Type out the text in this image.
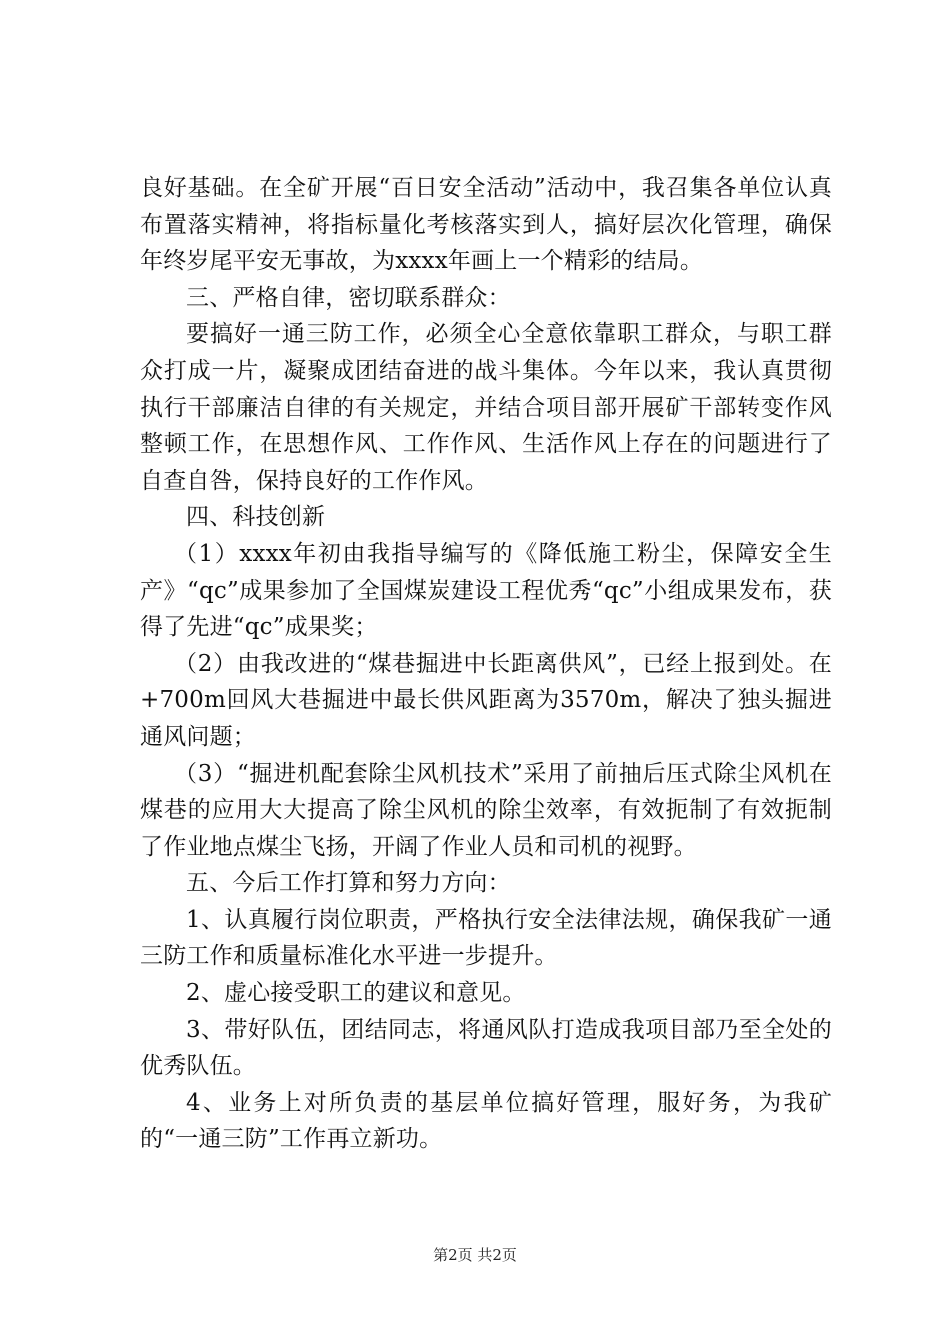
良好基础。在全矿开展“百日安全活动”活动中，我召集各单位认真布置落实精神，将指标量化考核落实到人，搞好层次化管理，确保年终岁尾平安无事故，为xxxx年画上一个精彩的结局。

三、严格自律，密切联系群众：

要搞好一通三防工作，必须全心全意依靠职工群众，与职工群众打成一片，凝聚成团结奋进的战斗集体。今年以来，我认真贯彻执行干部廉洁自律的有关规定，并结合项目部开展矿干部转变作风整顿工作，在思想作风、工作作风、生活作风上存在的问题进行了自查自咎，保持良好的工作作风。

四、科技创新

（1）xxxx年初由我指导编写的《降低施工粉尘，保障安全生产》“qc”成果参加了全国煤炭建设工程优秀“qc”小组成果发布，获得了先进“qc”成果奖；

（2）由我改进的“煤巷掘进中长距离供风”，已经上报到处。在+700m回风大巷掘进中最长供风距离为3570m，解决了独头掘进通风问题；

（3）“掘进机配套除尘风机技术”采用了前抽后压式除尘风机在煤巷的应用大大提高了除尘风机的除尘效率，有效扼制了有效扼制了作业地点煤尘飞扬，开阔了作业人员和司机的视野。

五、今后工作打算和努力方向：

1、认真履行岗位职责，严格执行安全法律法规，确保我矿一通三防工作和质量标准化水平进一步提升。

2、虚心接受职工的建议和意见。

3、带好队伍，团结同志，将通风队打造成我项目部乃至全处的优秀队伍。

4、业务上对所负责的基层单位搞好管理，服好务，为我矿的“一通三防”工作再立新功。

第2页 共2页
